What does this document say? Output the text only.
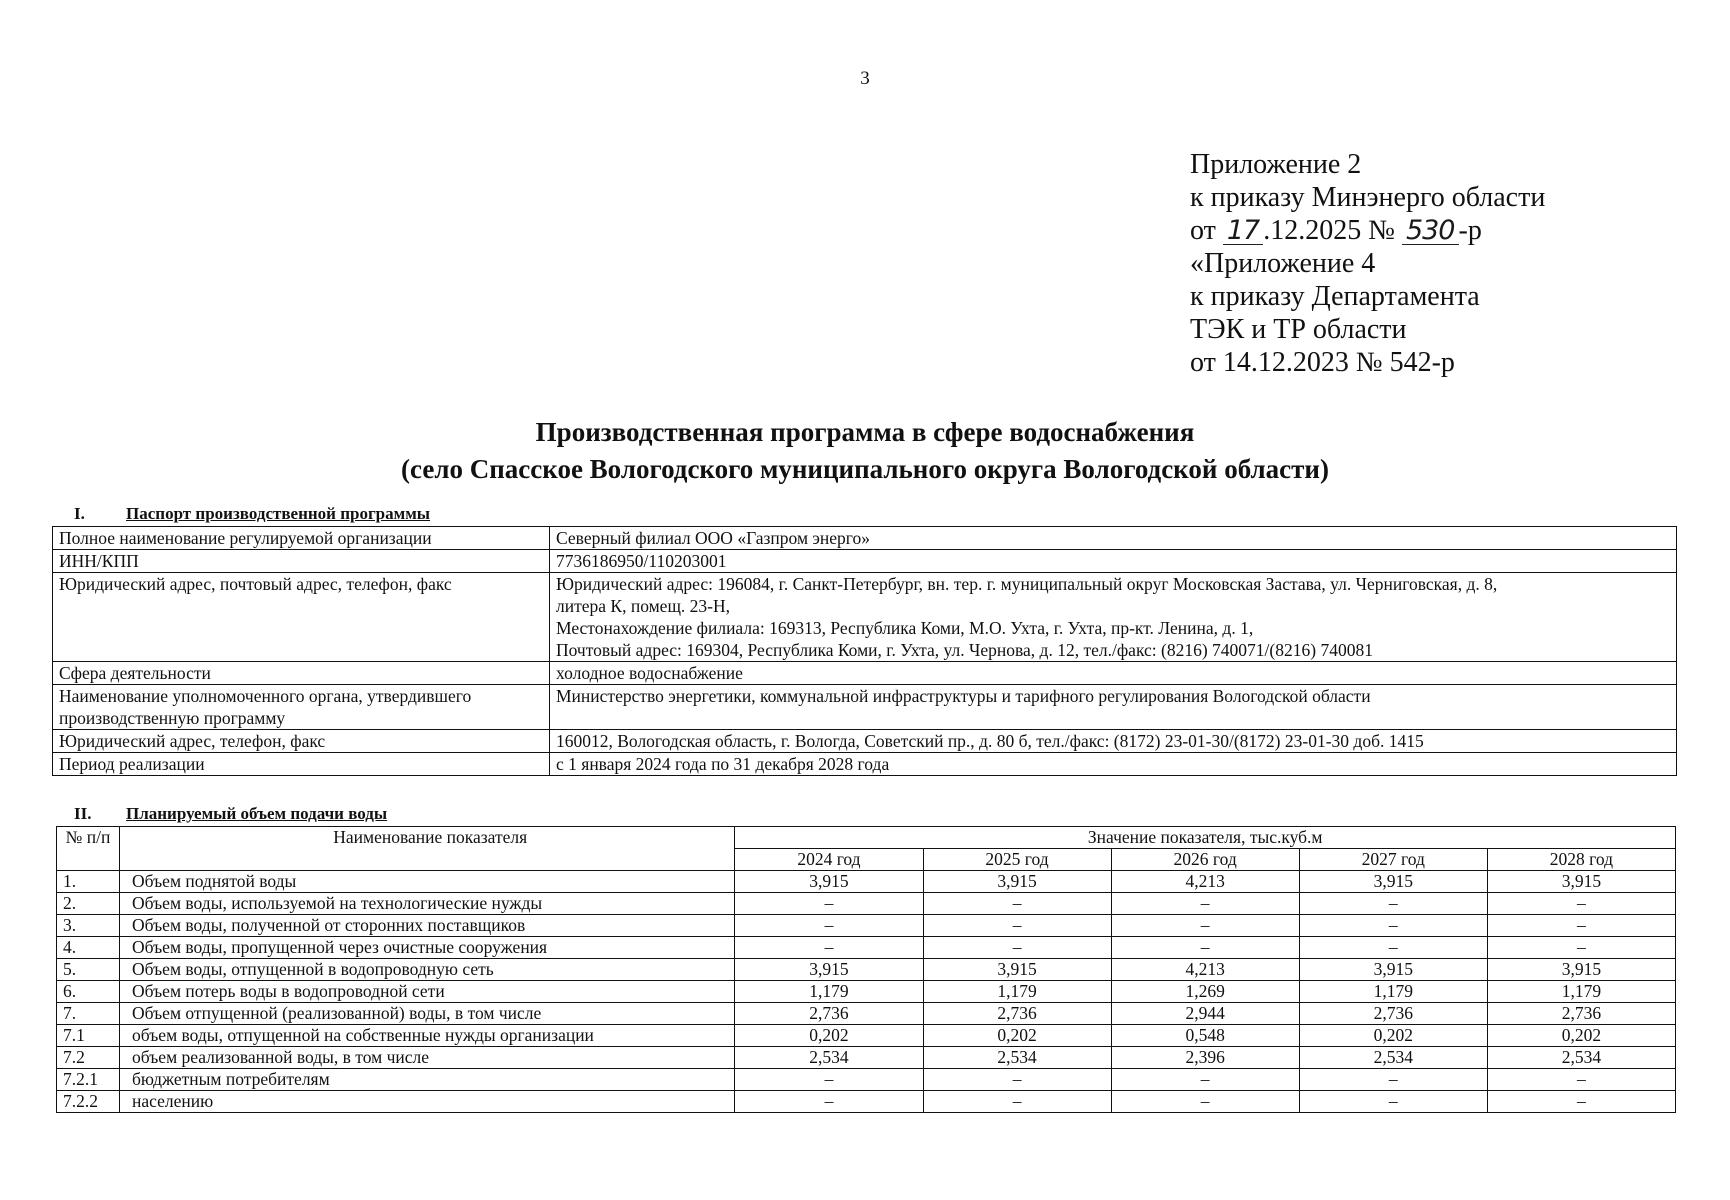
3
Приложение 2
к приказу Минэнерго области
от 17 .12.2025 № 530 -р
«Приложение 4
к приказу Департамента
ТЭК и ТР области
от 14.12.2023 № 542-р
Производственная программа в сфере водоснабжения
(село Спасское Вологодского муниципального округа Вологодской области)
I. Паспорт производственной программы
Полное наименование регулируемой организации	Северный филиал ООО «Газпром энерго»

ИНН/КПП	7736186950/110203001

Юридический адрес, почтовый адрес, телефон, факс	Юридический адрес: 196084, г. Санкт-Петербург, вн. тер. г. муниципальный округ Московская Застава, ул. Черниговская, д. 8,
литера К, помещ. 23-Н,
Местонахождение филиала: 169313, Республика Коми, М.О. Ухта, г. Ухта, пр-кт. Ленина, д. 1,
Почтовый адрес: 169304, Республика Коми, г. Ухта, ул. Чернова, д. 12, тел./факс: (8216) 740071/(8216) 740081

Сфера деятельности	холодное водоснабжение

Наименование уполномоченного органа, утвердившего производственную программу	Министерство энергетики, коммунальной инфраструктуры и тарифного регулирования Вологодской области

Юридический адрес, телефон, факс	160012, Вологодская область, г. Вологда, Советский пр., д. 80 б, тел./факс: (8172) 23-01-30/(8172) 23-01-30 доб. 1415

Период реализации	с 1 января 2024 года по 31 декабря 2028 года
II. Планируемый объем подачи воды
№ п/п	Наименование показателя	Значение показателя, тыс.куб.м				
		2024 год	2025 год	2026 год	2027 год	2028 год
1.	Объем поднятой воды	3,915	3,915	4,213	3,915	3,915
2.	Объем воды, используемой на технологические нужды	–	–	–	–	–
3.	Объем воды, полученной от сторонних поставщиков	–	–	–	–	–
4.	Объем воды, пропущенной через очистные сооружения	–	–	–	–	–
5.	Объем воды, отпущенной в водопроводную сеть	3,915	3,915	4,213	3,915	3,915
6.	Объем потерь воды в водопроводной сети	1,179	1,179	1,269	1,179	1,179
7.	Объем отпущенной (реализованной) воды, в том числе	2,736	2,736	2,944	2,736	2,736
7.1	объем воды, отпущенной на собственные нужды организации	0,202	0,202	0,548	0,202	0,202
7.2	объем реализованной воды, в том числе	2,534	2,534	2,396	2,534	2,534
7.2.1	бюджетным потребителям	–	–	–	–	–
7.2.2	населению	–	–	–	–	–
